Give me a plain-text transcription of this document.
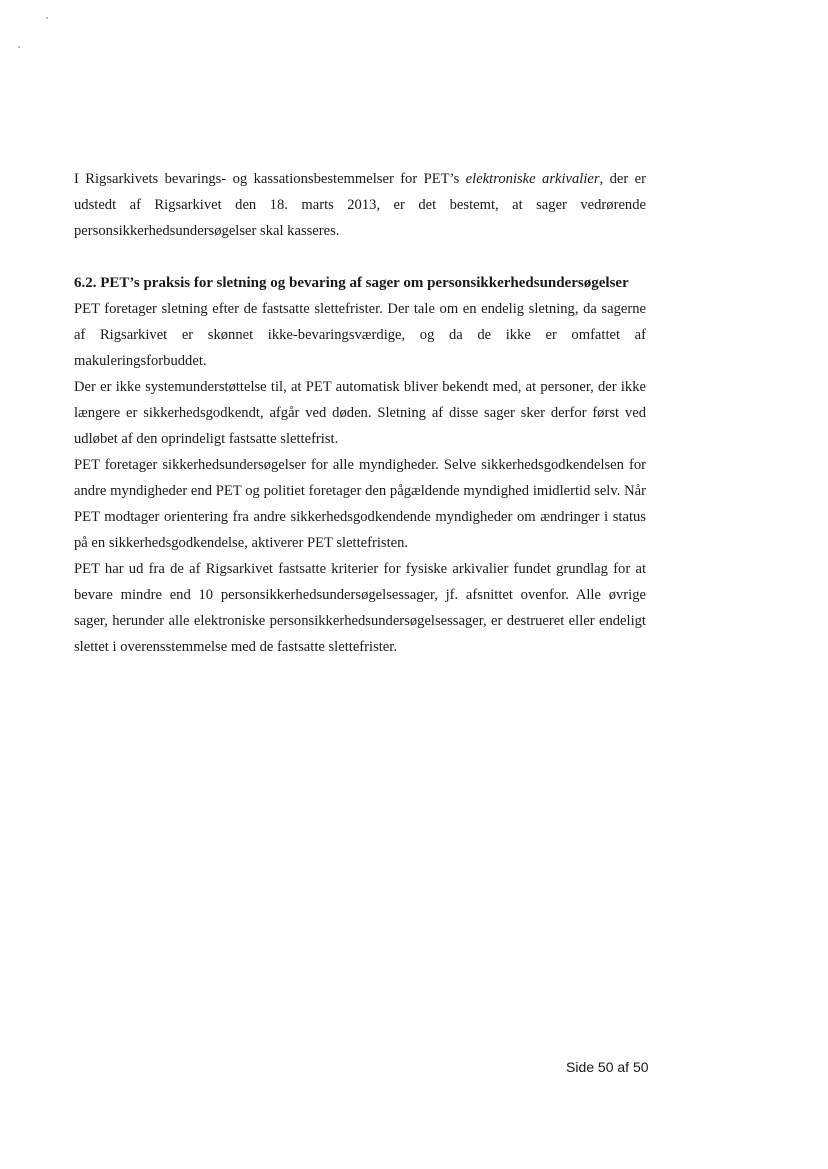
I Rigsarkivets bevarings- og kassationsbestemmelser for PET’s elektroniske arkivalier, der er udstedt af Rigsarkivet den 18. marts 2013, er det bestemt, at sager vedrørende personsikkerhedsundersøgelser skal kasseres.

6.2. PET’s praksis for sletning og bevaring af sager om personsikkerhedsundersøgelser

PET foretager sletning efter de fastsatte slettefrister. Der tale om en endelig sletning, da sagerne af Rigsarkivet er skønnet ikke-bevaringsværdige, og da de ikke er omfattet af makuleringsforbuddet.

Der er ikke systemunderstøttelse til, at PET automatisk bliver bekendt med, at personer, der ikke længere er sikkerhedsgodkendt, afgår ved døden. Sletning af disse sager sker derfor først ved udløbet af den oprindeligt fastsatte slettefrist.

PET foretager sikkerhedsundersøgelser for alle myndigheder. Selve sikkerhedsgodkendelsen for andre myndigheder end PET og politiet foretager den pågældende myndighed imidlertid selv. Når PET modtager orientering fra andre sikkerhedsgodkendende myndigheder om ændringer i status på en sikkerhedsgodkendelse, aktiverer PET slettefristen.

PET har ud fra de af Rigsarkivet fastsatte kriterier for fysiske arkivalier fundet grundlag for at bevare mindre end 10 personsikkerhedsundersøgelsessager, jf. afsnittet ovenfor. Alle øvrige sager, herunder alle elektroniske personsikkerhedsundersøgelsessager, er destrueret eller endeligt slettet i overensstemmelse med de fastsatte slettefrister.

Side 50 af 50
